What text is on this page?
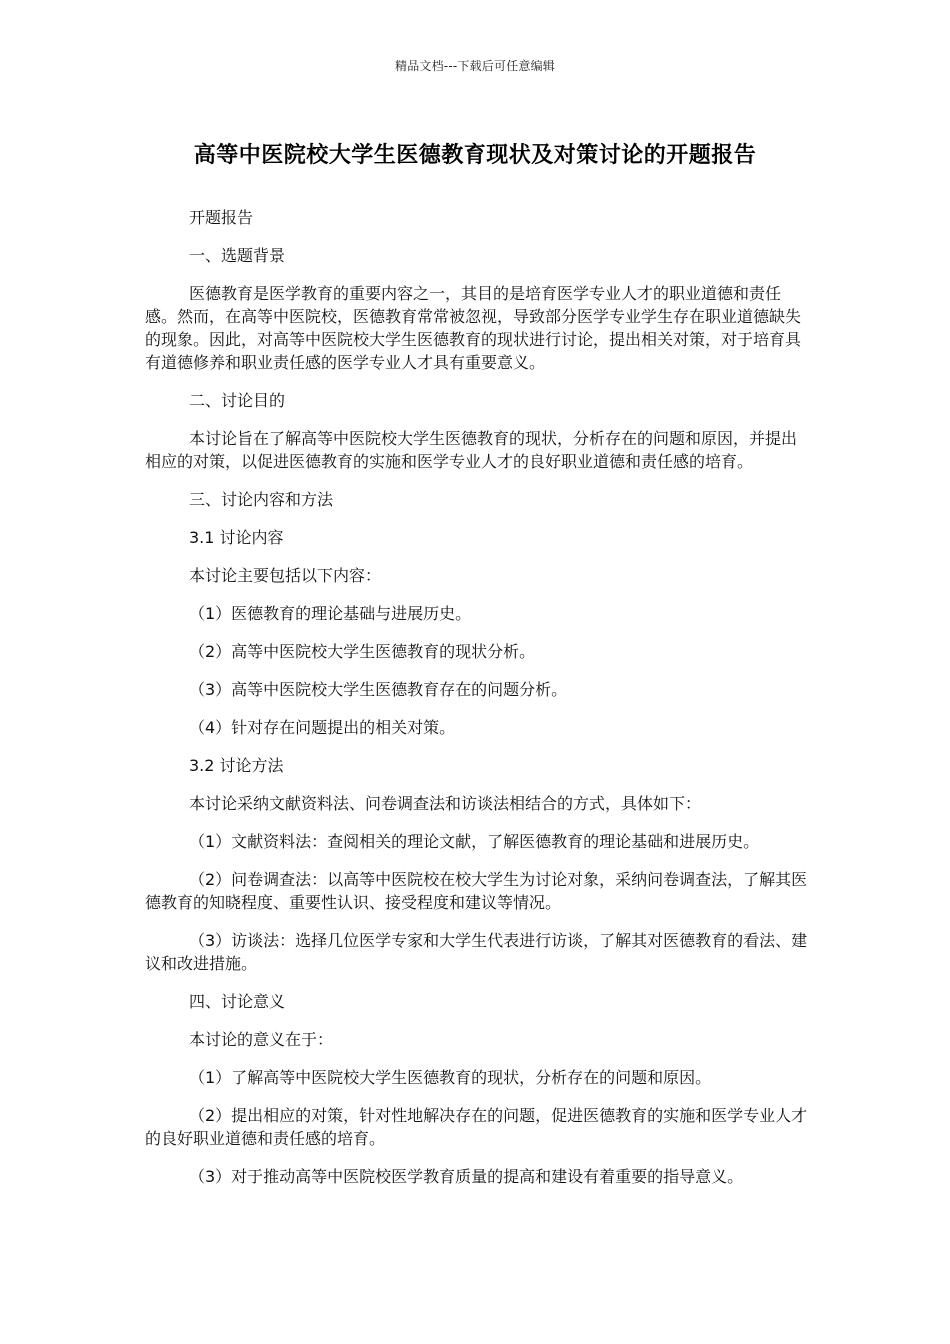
精品文档---下载后可任意编辑
高等中医院校大学生医德教育现状及对策讨论的开题报告

开题报告

一、选题背景

医德教育是医学教育的重要内容之一，其目的是培育医学专业人才的职业道德和责任感。然而，在高等中医院校，医德教育常常被忽视，导致部分医学专业学生存在职业道德缺失的现象。因此，对高等中医院校大学生医德教育的现状进行讨论，提出相关对策，对于培育具有道德修养和职业责任感的医学专业人才具有重要意义。

二、讨论目的

本讨论旨在了解高等中医院校大学生医德教育的现状，分析存在的问题和原因，并提出相应的对策，以促进医德教育的实施和医学专业人才的良好职业道德和责任感的培育。

三、讨论内容和方法

3.1 讨论内容

本讨论主要包括以下内容：

（1）医德教育的理论基础与进展历史。

（2）高等中医院校大学生医德教育的现状分析。

（3）高等中医院校大学生医德教育存在的问题分析。

（4）针对存在问题提出的相关对策。

3.2 讨论方法

本讨论采纳文献资料法、问卷调查法和访谈法相结合的方式，具体如下：

（1）文献资料法：查阅相关的理论文献，了解医德教育的理论基础和进展历史。

（2）问卷调查法：以高等中医院校在校大学生为讨论对象，采纳问卷调查法，了解其医德教育的知晓程度、重要性认识、接受程度和建议等情况。

（3）访谈法：选择几位医学专家和大学生代表进行访谈，了解其对医德教育的看法、建议和改进措施。

四、讨论意义

本讨论的意义在于：

（1）了解高等中医院校大学生医德教育的现状，分析存在的问题和原因。

（2）提出相应的对策，针对性地解决存在的问题，促进医德教育的实施和医学专业人才的良好职业道德和责任感的培育。

（3）对于推动高等中医院校医学教育质量的提高和建设有着重要的指导意义。
